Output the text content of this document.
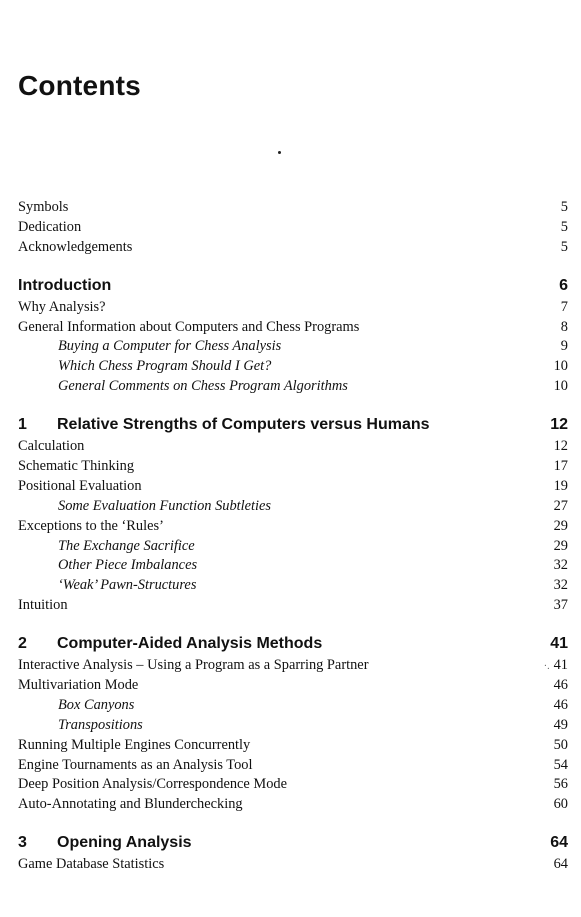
Contents
Symbols	5
Dedication	5
Acknowledgements	5
Introduction	6
Why Analysis?	7
General Information about Computers and Chess Programs	8
Buying a Computer for Chess Analysis	9
Which Chess Program Should I Get?	10
General Comments on Chess Program Algorithms	10
1 Relative Strengths of Computers versus Humans	12
Calculation	12
Schematic Thinking	17
Positional Evaluation	19
Some Evaluation Function Subtleties	27
Exceptions to the ‘Rules’	29
The Exchange Sacrifice	29
Other Piece Imbalances	32
‘Weak’ Pawn-Structures	32
Intuition	37
2 Computer-Aided Analysis Methods	41
Interactive Analysis – Using a Program as a Sparring Partner	·. 41
Multivariation Mode	46
Box Canyons	46
Transpositions	49
Running Multiple Engines Concurrently	50
Engine Tournaments as an Analysis Tool	54
Deep Position Analysis/Correspondence Mode	56
Auto-Annotating and Blunderchecking	60
3 Opening Analysis	64
Game Database Statistics	64
